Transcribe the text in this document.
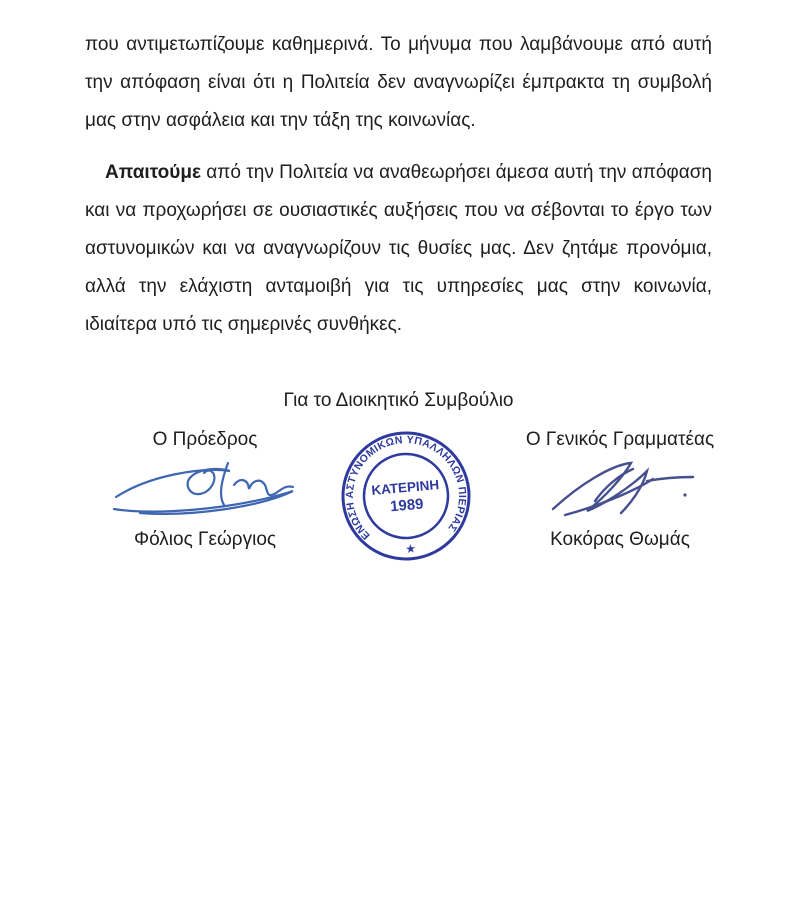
που αντιμετωπίζουμε καθημερινά. Το μήνυμα που λαμβάνουμε από αυτή την απόφαση είναι ότι η Πολιτεία δεν αναγνωρίζει έμπρακτα τη συμβολή μας στην ασφάλεια και την τάξη της κοινωνίας.

Απαιτούμε από την Πολιτεία να αναθεωρήσει άμεσα αυτή την απόφαση και να προχωρήσει σε ουσιαστικές αυξήσεις που να σέβονται το έργο των αστυνομικών και να αναγνωρίζουν τις θυσίες μας. Δεν ζητάμε προνόμια, αλλά την ελάχιστη ανταμοιβή για τις υπηρεσίες μας στην κοινωνία, ιδιαίτερα υπό τις σημερινές συνθήκες.

Για το Διοικητικό Συμβούλιο

Ο Πρόεδρος
Φόλιος Γεώργιος	ΕΝΩΣΗ ΑΣΤΥΝΟΜΙΚΩΝ ΥΠΑΛΛΗΛΩΝ ΠΙΕΡΙΑΣ
ΚΑΤΕΡΙΝΗ
1989
★
Ο Γενικός Γραμματέας
Κοκόρας Θωμάς
